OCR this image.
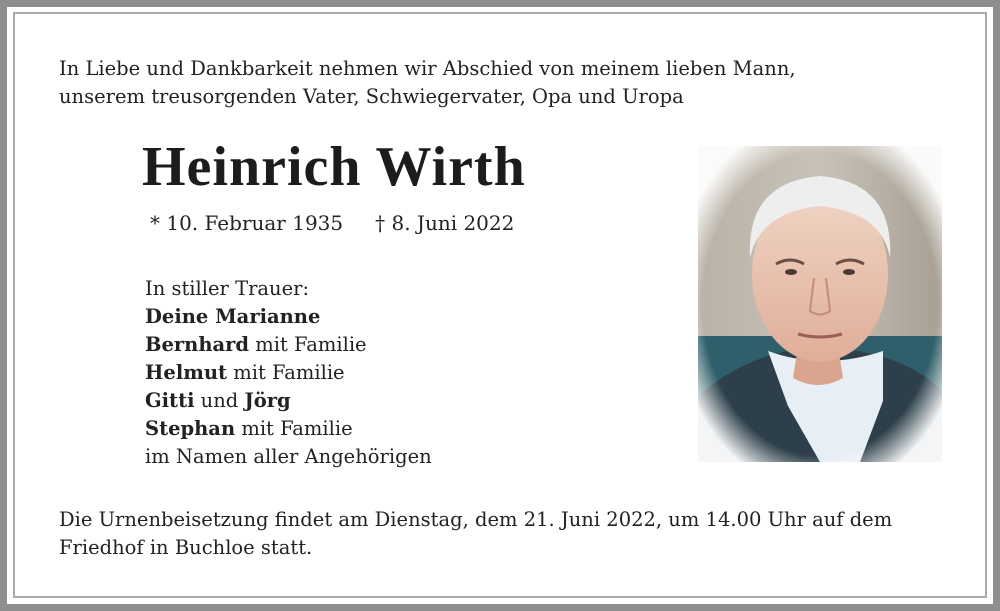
In Liebe und Dankbarkeit nehmen wir Abschied von meinem lieben Mann,
unserem treusorgenden Vater, Schwiegervater, Opa und Uropa
Heinrich Wirth
* 10. Februar 1935 † 8. Juni 2022
In stiller Trauer:
Deine Marianne
Bernhard mit Familie
Helmut mit Familie
Gitti und Jörg
Stephan mit Familie
im Namen aller Angehörigen
Die Urnenbeisetzung findet am Dienstag, dem 21. Juni 2022, um 14.00 Uhr auf dem
Friedhof in Buchloe statt.
